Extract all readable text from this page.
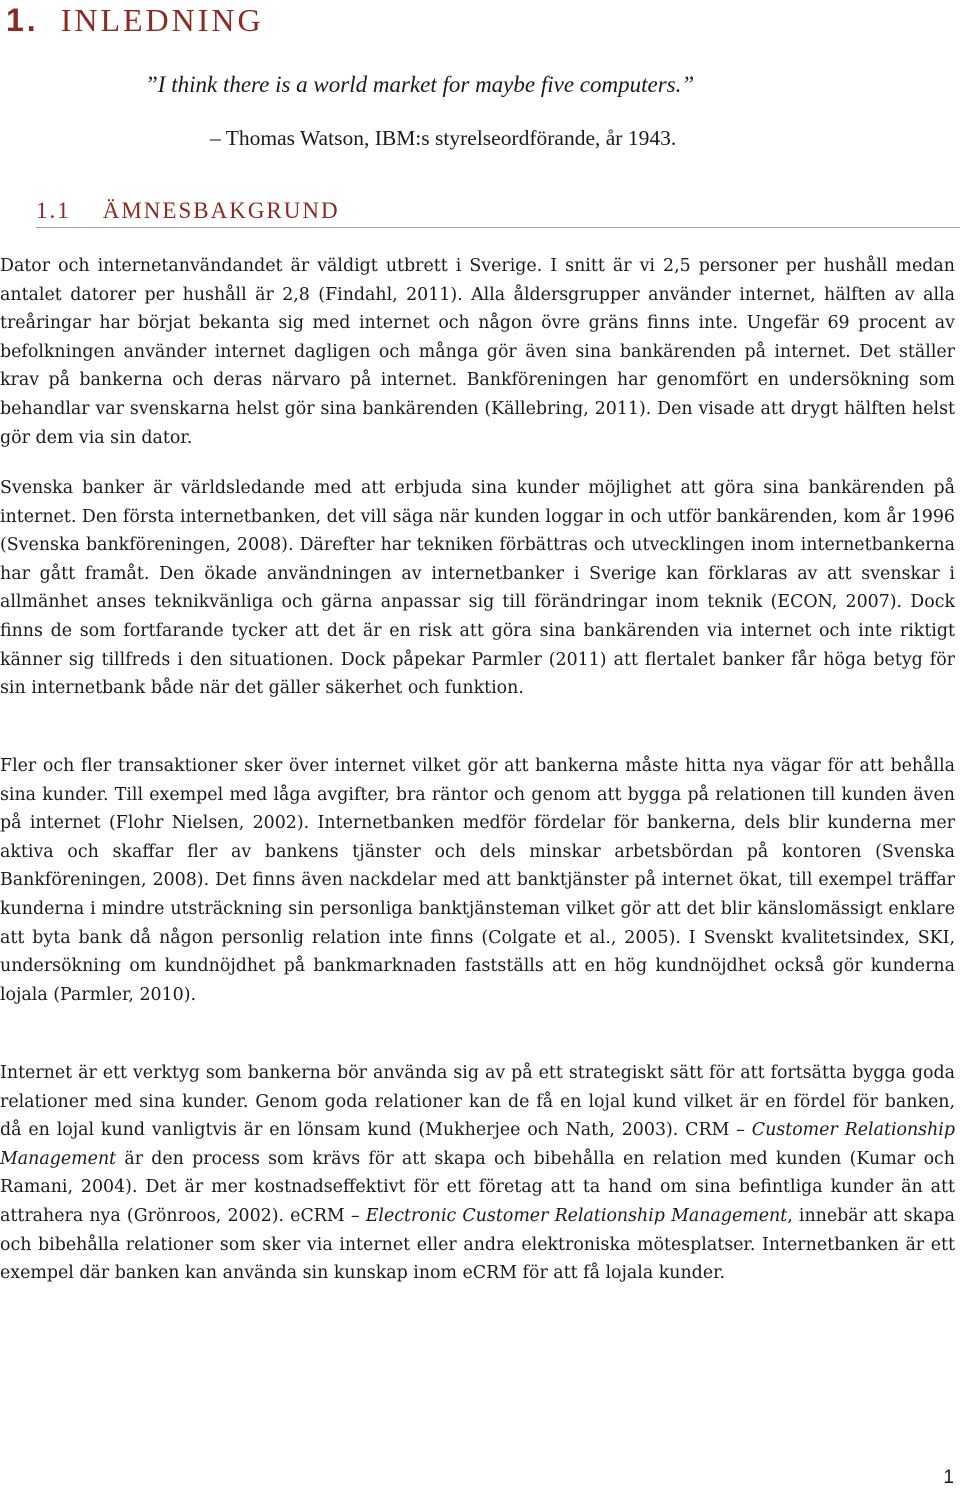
1. INLEDNING

”I think there is a world market for maybe five computers.”

– Thomas Watson, IBM:s styrelseordförande, år 1943.

1.1 ÄMNESBAKGRUND

Dator och internetanvändandet är väldigt utbrett i Sverige. I snitt är vi 2,5 personer per hushåll medan antalet datorer per hushåll är 2,8 (Findahl, 2011). Alla åldersgrupper använder internet, hälften av alla treåringar har börjat bekanta sig med internet och någon övre gräns finns inte. Ungefär 69 procent av befolkningen använder internet dagligen och många gör även sina bankärenden på internet. Det ställer krav på bankerna och deras närvaro på internet. Bankföreningen har genomfört en undersökning som behandlar var svenskarna helst gör sina bankärenden (Källebring, 2011). Den visade att drygt hälften helst gör dem via sin dator.

Svenska banker är världsledande med att erbjuda sina kunder möjlighet att göra sina bankärenden på internet. Den första internetbanken, det vill säga när kunden loggar in och utför bankärenden, kom år 1996 (Svenska bankföreningen, 2008). Därefter har tekniken förbättras och utvecklingen inom internetbankerna har gått framåt. Den ökade användningen av internetbanker i Sverige kan förklaras av att svenskar i allmänhet anses teknikvänliga och gärna anpassar sig till förändringar inom teknik (ECON, 2007). Dock finns de som fortfarande tycker att det är en risk att göra sina bankärenden via internet och inte riktigt känner sig tillfreds i den situationen. Dock påpekar Parmler (2011) att flertalet banker får höga betyg för sin internetbank både när det gäller säkerhet och funktion.

Fler och fler transaktioner sker över internet vilket gör att bankerna måste hitta nya vägar för att behålla sina kunder. Till exempel med låga avgifter, bra räntor och genom att bygga på relationen till kunden även på internet (Flohr Nielsen, 2002). Internetbanken medför fördelar för bankerna, dels blir kunderna mer aktiva och skaffar fler av bankens tjänster och dels minskar arbetsbördan på kontoren (Svenska Bankföreningen, 2008). Det finns även nackdelar med att banktjänster på internet ökat, till exempel träffar kunderna i mindre utsträckning sin personliga banktjänsteman vilket gör att det blir känslomässigt enklare att byta bank då någon personlig relation inte finns (Colgate et al., 2005). I Svenskt kvalitetsindex, SKI, undersökning om kundnöjdhet på bankmarknaden fastställs att en hög kundnöjdhet också gör kunderna lojala (Parmler, 2010).

Internet är ett verktyg som bankerna bör använda sig av på ett strategiskt sätt för att fortsätta bygga goda relationer med sina kunder. Genom goda relationer kan de få en lojal kund vilket är en fördel för banken, då en lojal kund vanligtvis är en lönsam kund (Mukherjee och Nath, 2003). CRM – Customer Relationship Management är den process som krävs för att skapa och bibehålla en relation med kunden (Kumar och Ramani, 2004). Det är mer kostnadseffektivt för ett företag att ta hand om sina befintliga kunder än att attrahera nya (Grönroos, 2002). eCRM – Electronic Customer Relationship Management, innebär att skapa och bibehålla relationer som sker via internet eller andra elektroniska mötesplatser. Internetbanken är ett exempel där banken kan använda sin kunskap inom eCRM för att få lojala kunder.

1
